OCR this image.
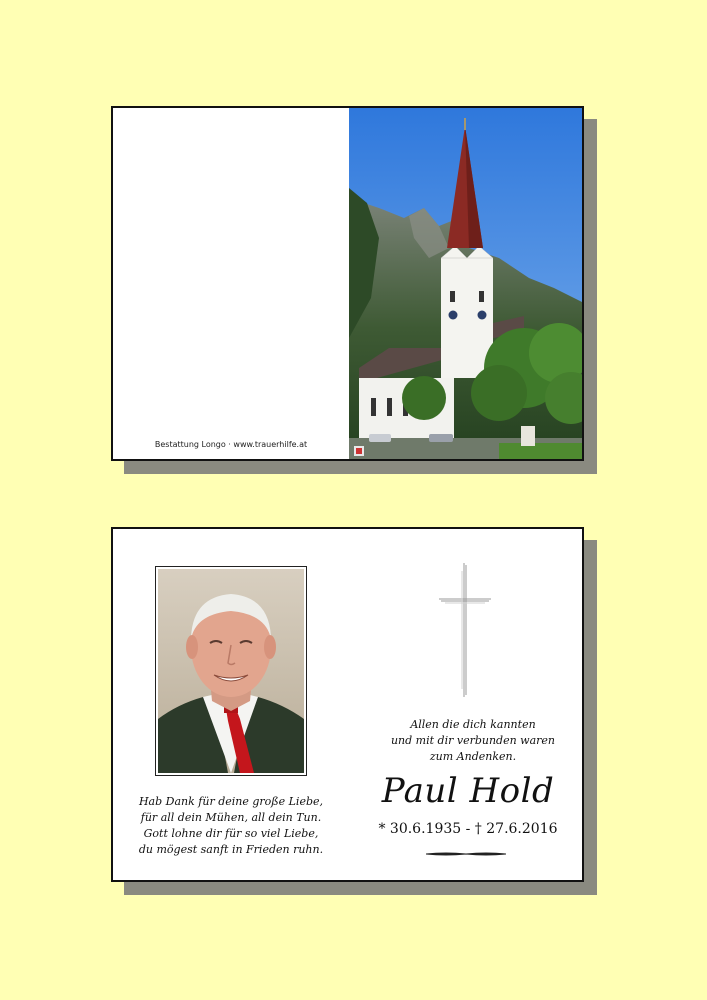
Bestattung Longo · www.trauerhilfe.at
Hab Dank für deine große Liebe,
für all dein Mühen, all dein Tun.
Gott lohne dir für so viel Liebe,
du mögest sanft in Frieden ruhn.
Allen die dich kannten
und mit dir verbunden waren
zum Andenken.
Paul Hold
* 30.6.1935 - † 27.6.2016
